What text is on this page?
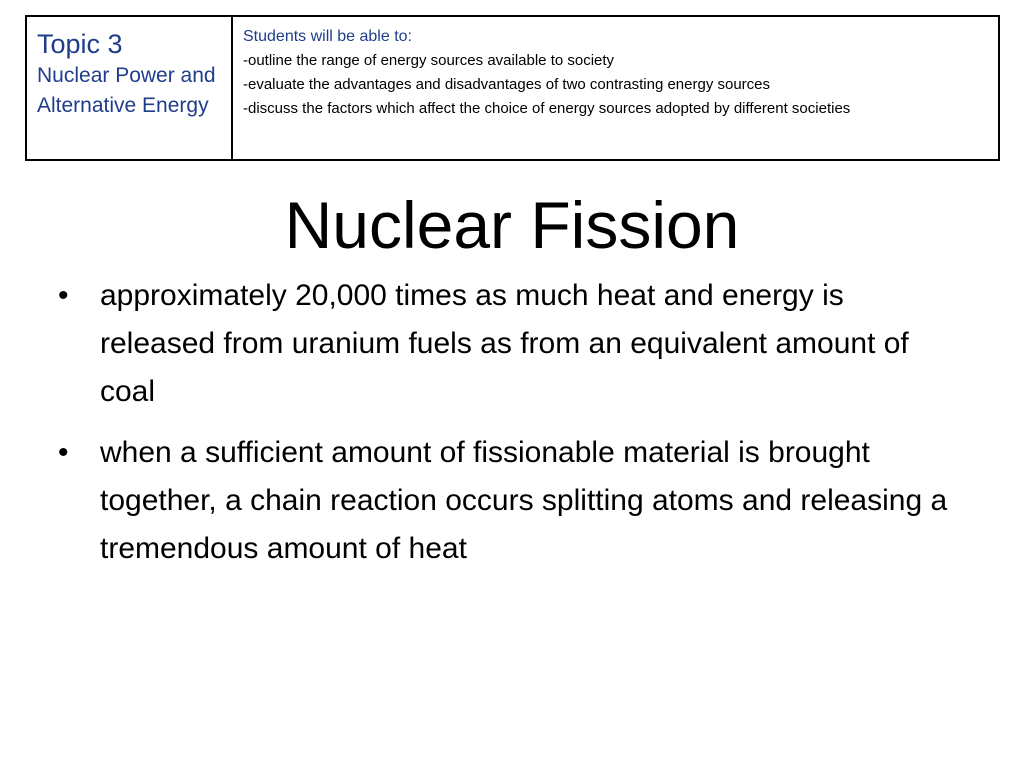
Topic 3
Nuclear Power and Alternative Energy
Students will be able to:
-outline the range of energy sources available to society
-evaluate the advantages and disadvantages of two contrasting energy sources
-discuss the factors which affect the choice of energy sources adopted by different societies
Nuclear Fission
• approximately 20,000 times as much heat and energy is released from uranium fuels as from an equivalent amount of coal
• when a sufficient amount of fissionable material is brought together, a chain reaction occurs splitting atoms and releasing a tremendous amount of heat
